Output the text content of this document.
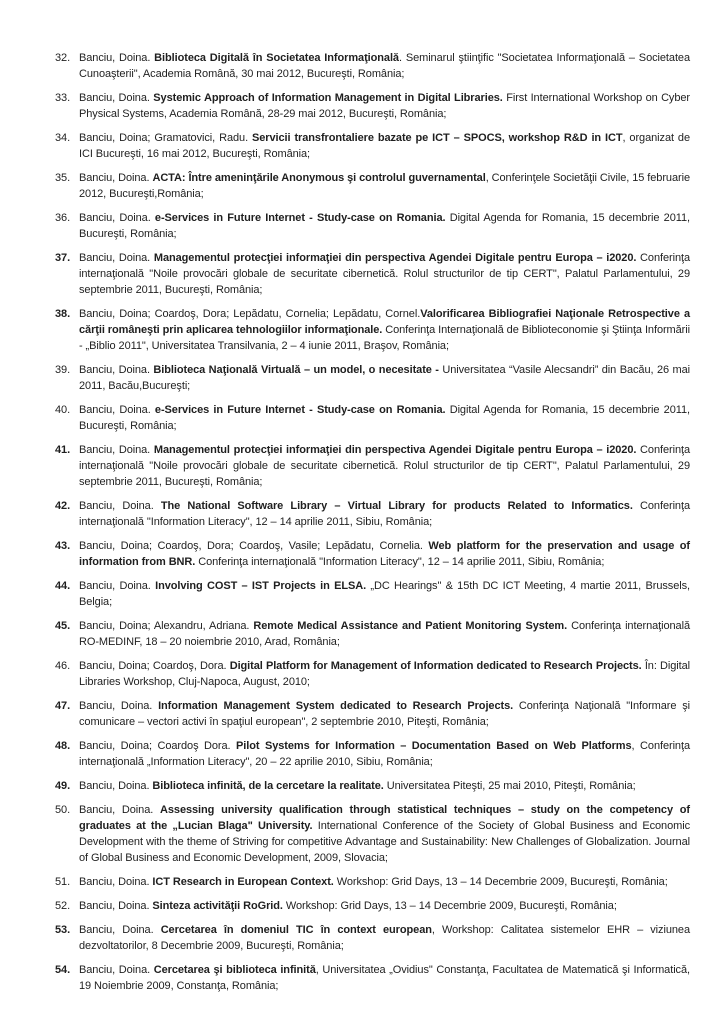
32. Banciu, Doina. Biblioteca Digitală în Societatea Informaţională. Seminarul ştiinţific "Societatea Informaţională – Societatea Cunoaşterii", Academia Română, 30 mai 2012, Bucureşti, România;
33. Banciu, Doina. Systemic Approach of Information Management in Digital Libraries. First International Workshop on Cyber Physical Systems, Academia Română, 28-29 mai 2012, Bucureşti, România;
34. Banciu, Doina; Gramatovici, Radu. Servicii transfrontaliere bazate pe ICT – SPOCS, workshop R&D in ICT, organizat de ICI Bucureşti, 16 mai 2012, Bucureşti, România;
35. Banciu, Doina. ACTA: Între ameninţările Anonymous şi controlul guvernamental, Conferinţele Societăţii Civile, 15 februarie 2012, Bucureşti,România;
36. Banciu, Doina. e-Services in Future Internet - Study-case on Romania. Digital Agenda for Romania, 15 decembrie 2011, Bucureşti, România;
37. Banciu, Doina. Managementul protecţiei informaţiei din perspectiva Agendei Digitale pentru Europa – i2020. Conferinţa internaţională "Noile provocări globale de securitate cibernetică. Rolul structurilor de tip CERT", Palatul Parlamentului, 29 septembrie 2011, Bucureşti, România;
38. Banciu, Doina; Coardoş, Dora; Lepădatu, Cornelia; Lepădatu, Cornel.Valorificarea Bibliografiei Naţionale Retrospective a cărţii româneşti prin aplicarea tehnologiilor informaţionale. Conferinţa Internaţională de Biblioteconomie şi Ştiinţa Informării - „Biblio 2011", Universitatea Transilvania, 2 – 4 iunie 2011, Braşov, România;
39. Banciu, Doina. Biblioteca Naţională Virtuală – un model, o necesitate - Universitatea “Vasile Alecsandri” din Bacău, 26 mai 2011, Bacău,Bucureşti;
40. Banciu, Doina. e-Services in Future Internet - Study-case on Romania. Digital Agenda for Romania, 15 decembrie 2011, Bucureşti, România;
41. Banciu, Doina. Managementul protecţiei informaţiei din perspectiva Agendei Digitale pentru Europa – i2020. Conferinţa internaţională "Noile provocări globale de securitate cibernetică. Rolul structurilor de tip CERT", Palatul Parlamentului, 29 septembrie 2011, Bucureşti, România;
42. Banciu, Doina. The National Software Library – Virtual Library for products Related to Informatics. Conferinţa internaţională "Information Literacy", 12 – 14 aprilie 2011, Sibiu, România;
43. Banciu, Doina; Coardoş, Dora; Coardoş, Vasile; Lepădatu, Cornelia. Web platform for the preservation and usage of information from BNR. Conferinţa internaţională "Information Literacy", 12 – 14 aprilie 2011, Sibiu, România;
44. Banciu, Doina. Involving COST – IST Projects in ELSA. „DC Hearings" & 15th DC ICT Meeting, 4 martie 2011, Brussels, Belgia;
45. Banciu, Doina; Alexandru, Adriana. Remote Medical Assistance and Patient Monitoring System. Conferinţa internaţională RO-MEDINF, 18 – 20 noiembrie 2010, Arad, România;
46. Banciu, Doina; Coardoş, Dora. Digital Platform for Management of Information dedicated to Research Projects. În: Digital Libraries Workshop, Cluj-Napoca, August, 2010;
47. Banciu, Doina. Information Management System dedicated to Research Projects. Conferinţa Naţională "Informare şi comunicare – vectori activi în spaţiul european", 2 septembrie 2010, Piteşti, România;
48. Banciu, Doina; Coardoş Dora. Pilot Systems for Information – Documentation Based on Web Platforms, Conferinţa internaţională „Information Literacy", 20 – 22 aprilie 2010, Sibiu, România;
49. Banciu, Doina. Biblioteca infinită, de la cercetare la realitate. Universitatea Piteşti, 25 mai 2010, Piteşti, România;
50. Banciu, Doina. Assessing university qualification through statistical techniques – study on the competency of graduates at the „Lucian Blaga" University. International Conference of the Society of Global Business and Economic Development with the theme of Striving for competitive Advantage and Sustainability: New Challenges of Globalization. Journal of Global Business and Economic Development, 2009, Slovacia;
51. Banciu, Doina. ICT Research in European Context. Workshop: Grid Days, 13 – 14 Decembrie 2009, Bucureşti, România;
52. Banciu, Doina. Sinteza activităţii RoGrid. Workshop: Grid Days, 13 – 14 Decembrie 2009, Bucureşti, România;
53. Banciu, Doina. Cercetarea în domeniul TIC în context european, Workshop: Calitatea sistemelor EHR – viziunea dezvoltatorilor, 8 Decembrie 2009, Bucureşti, România;
54. Banciu, Doina. Cercetarea şi biblioteca infinită, Universitatea „Ovidius" Constanţa, Facultatea de Matematică şi Informatică, 19 Noiembrie 2009, Constanţa, România;
